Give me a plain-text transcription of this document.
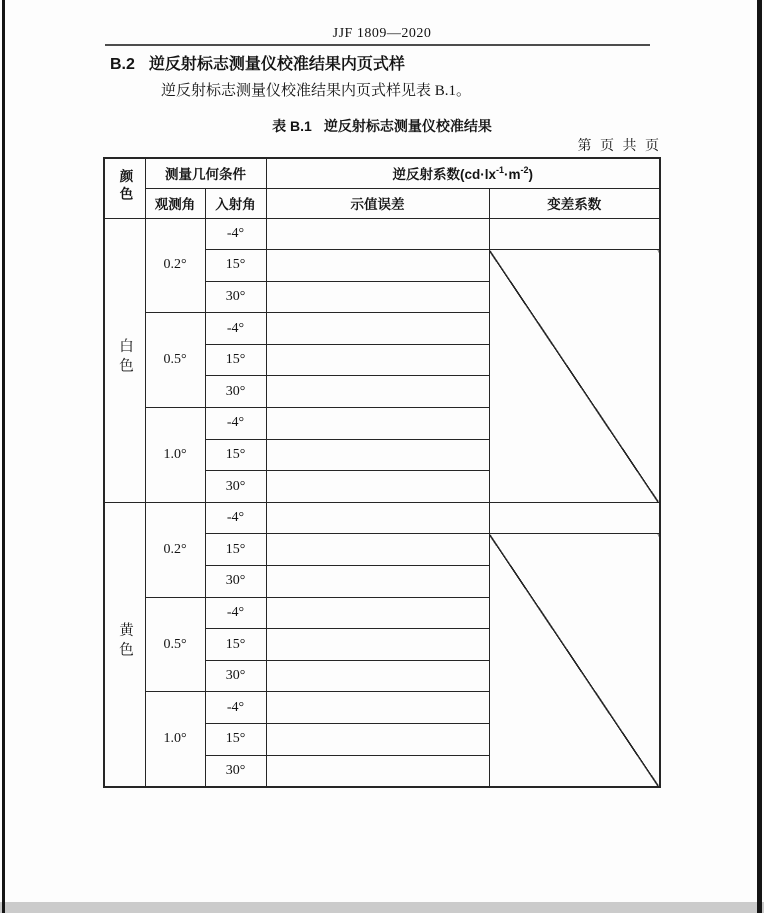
JJF 1809—2020
B.2 逆反射标志测量仪校准结果内页式样
逆反射标志测量仪校准结果内页式样见表 B.1。
表 B.1 逆反射标志测量仪校准结果
第 页 共 页
颜色	测量几何条件		逆反射系数$(cd\cdot lx^{-1}\cdot m^{-2})$	
	观测角	入射角	示值误差	变差系数
白色	0.2°	-4°		
		15°		
		30°		
	0.5°	-4°		
		15°		
		30°		
	1.0°	-4°		
		15°		
		30°		
黄色	0.2°	-4°		
		15°		
		30°		
	0.5°	-4°		
		15°		
		30°		
	1.0°	-4°		
		15°		
		30°		
